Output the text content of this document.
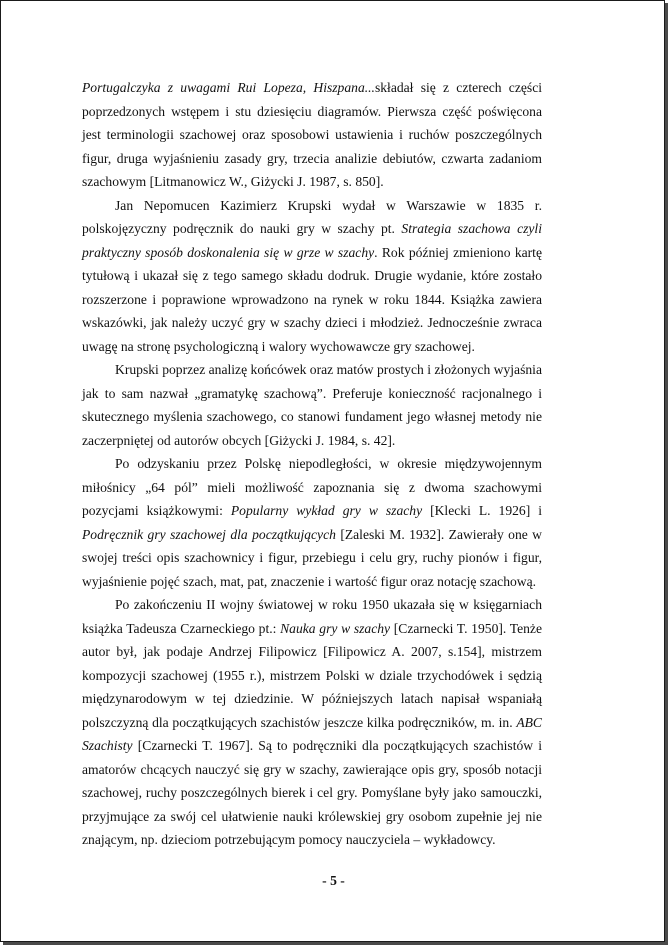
Portugalczyka z uwagami Rui Lopeza, Hiszpana...składał się z czterech części poprzedzonych wstępem i stu dziesięciu diagramów. Pierwsza część poświęcona jest terminologii szachowej oraz sposobowi ustawienia i ruchów poszczególnych figur, druga wyjaśnieniu zasady gry, trzecia analizie debiutów, czwarta zadaniom szachowym [Litmanowicz W., Giżycki J. 1987, s. 850].

Jan Nepomucen Kazimierz Krupski wydał w Warszawie w 1835 r. polskojęzyczny podręcznik do nauki gry w szachy pt. Strategia szachowa czyli praktyczny sposób doskonalenia się w grze w szachy. Rok później zmieniono kartę tytułową i ukazał się z tego samego składu dodruk. Drugie wydanie, które zostało rozszerzone i poprawione wprowadzono na rynek w roku 1844. Książka zawiera wskazówki, jak należy uczyć gry w szachy dzieci i młodzież. Jednocześnie zwraca uwagę na stronę psychologiczną i walory wychowawcze gry szachowej.

Krupski poprzez analizę końcówek oraz matów prostych i złożonych wyjaśnia jak to sam nazwał „gramatykę szachową”. Preferuje konieczność racjonalnego i skutecznego myślenia szachowego, co stanowi fundament jego własnej metody nie zaczerpniętej od autorów obcych [Giżycki J. 1984, s. 42].

Po odzyskaniu przez Polskę niepodległości, w okresie międzywojennym miłośnicy „64 pól” mieli możliwość zapoznania się z dwoma szachowymi pozycjami książkowymi: Popularny wykład gry w szachy [Klecki L. 1926] i Podręcznik gry szachowej dla początkujących [Zaleski M. 1932]. Zawierały one w swojej treści opis szachownicy i figur, przebiegu i celu gry, ruchy pionów i figur, wyjaśnienie pojęć szach, mat, pat, znaczenie i wartość figur oraz notację szachową.

Po zakończeniu II wojny światowej w roku 1950 ukazała się w księgarniach książka Tadeusza Czarneckiego pt.: Nauka gry w szachy [Czarnecki T. 1950]. Tenże autor był, jak podaje Andrzej Filipowicz [Filipowicz A. 2007, s.154], mistrzem kompozycji szachowej (1955 r.), mistrzem Polski w dziale trzychodówek i sędzią międzynarodowym w tej dziedzinie. W późniejszych latach napisał wspaniałą polszczyzną dla początkujących szachistów jeszcze kilka podręczników, m. in. ABC Szachisty [Czarnecki T. 1967]. Są to podręczniki dla początkujących szachistów i amatorów chcących nauczyć się gry w szachy, zawierające opis gry, sposób notacji szachowej, ruchy poszczególnych bierek i cel gry. Pomyślane były jako samouczki, przyjmujące za swój cel ułatwienie nauki królewskiej gry osobom zupełnie jej nie znającym, np. dzieciom potrzebującym pomocy nauczyciela – wykładowcy.

- 5 -
